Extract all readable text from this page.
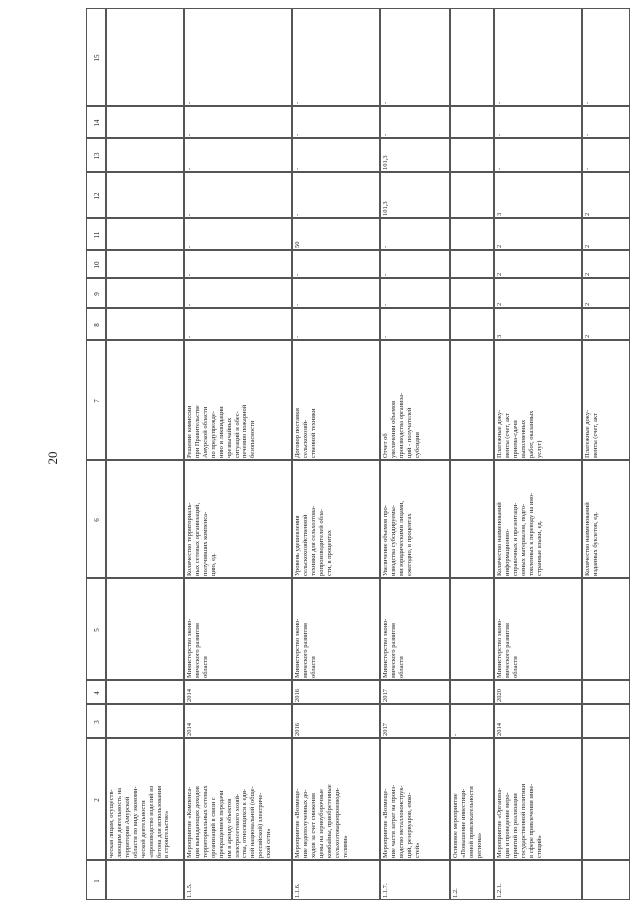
20
1
2
3
4
5
6
7
8
9
10
11
12
13
14
15
ческая лицам, осуществ-
ляющим деятельность на
территории Амурской
области по виду экономи-
ческой деятельности
«производство изделий из
бетона для использования
в строительстве»
1.1.5.
Мероприятие «Компенса-
ция выпадающих доходов
территориальных сетевых
организаций в связи с
прекращением передачи
им в аренду объектов
электросетевого хозяй-
ства, относящихся к еди-
ной национальной (обще-
российской) электриче-
ской сети»
2014
2014
Министерство эконо-
мического развития
области
Количество территориаль-
ных сетевых организаций,
получивших компенса-
цию, ед.
Решение комиссии
при Правительстве
Амурской области
по предупрежде-
нию и ликвидации
чрезвычайных
ситуаций и обес-
печению пожарной
безопасности
-
-
-
-
-
-
-
-
1.1.6.
Мероприятие «Возмеще-
ние недополученных до-
ходов за счет снижения
цены на зерноуборочные
комбайны, приобретенные
сельхозтоваропроизводи-
телями»
2016
2016
Министерство эконо-
мического развития
области
Уровень удешевления
сельскохозяйственной
техники для сельхозтова-
ропроизводителей обла-
сти, в процентах
Договор поставки
сельскохозяй-
ственной техники
-
-
-
50
-
-
-
-
1.1.7.
Мероприятие «Возмеще-
ние части затрат на произ-
водство металлоконструк-
ций, резервуаров, емко-
стей»
2017
2017
Министерство эконо-
мического развития
области
Увеличение объемов про-
изводства субсидируемы-
ми юридическими лицами,
ежегодно, в процентах
Отчет об
увеличении объемов
производства организа-
ций - получателей
субсидии
-
-
-
-
101,3
101,3
-
-
1.2.
Основное мероприятие
«Повышение инвестици-
онной привлекательности
региона»
-
1.2.1.
Мероприятие «Организа-
ция и проведение меро-
приятий по реализации
государственной политики
в сфере привлечения инве-
стиций»
2014
2020
Министерство эконо-
мического развития
области
Количество наименований
информационно-
справочных и презентаци-
онных материалов, подго-
товленных к переводу на ино-
странные языки, ед.
Платежные доку-
менты (счет, акт
приема-сдачи
выполненных
работ, оказанных
услуг)
3
2
2
2
3
-
-
-
Количество наименований
изданных буклетов, ед.
Платежные доку-
менты (счет, акт
2
2
2
2
2
-
-
-
